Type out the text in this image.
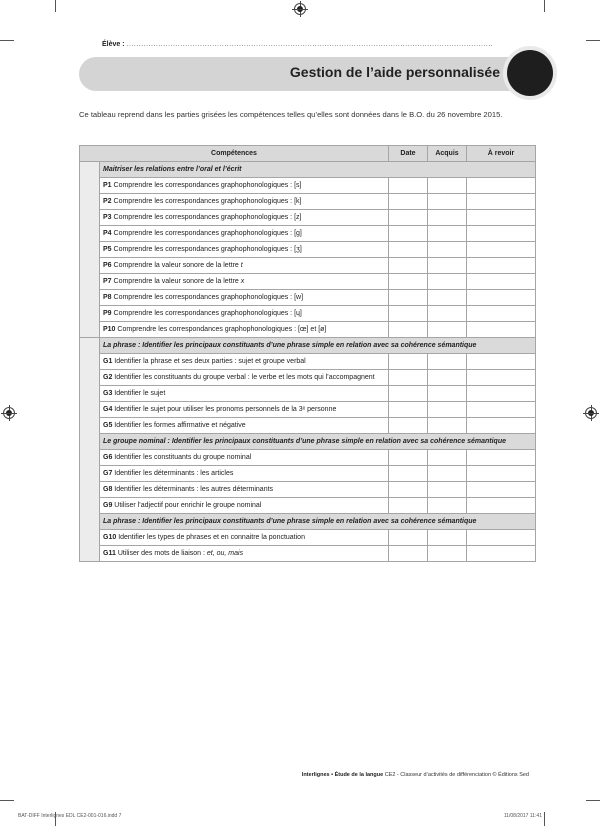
Élève : ......................................................................................................................................................
Gestion de l’aide personnalisée
Ce tableau reprend dans les parties grisées les compétences telles qu’elles sont données dans le B.O. du 26 novembre 2015.
Compétences		Date	Acquis	À revoir
	Maitriser les relations entre l’oral et l’écrit			
	P1 Comprendre les correspondances graphophonologiques : [s]			
	P2 Comprendre les correspondances graphophonologiques : [k]			
	P3 Comprendre les correspondances graphophonologiques : [z]			
	P4 Comprendre les correspondances graphophonologiques : [g]			
	P5 Comprendre les correspondances graphophonologiques : [ʒ]			
	P6 Comprendre la valeur sonore de la lettre t			
	P7 Comprendre la valeur sonore de la lettre x			
	P8 Comprendre les correspondances graphophonologiques : [w]			
	P9 Comprendre les correspondances graphophonologiques : [ɥ]			
	P10 Comprendre les correspondances graphophonologiques : [œ] et [ø]			
	La phrase : Identifier les principaux constituants d’une phrase simple en relation avec sa cohérence sémantique			
	G1 Identifier la phrase et ses deux parties : sujet et groupe verbal			
	G2 Identifier les constituants du groupe verbal : le verbe et les mots qui l’accompagnent			
	G3 Identifier le sujet			
	G4 Identifier le sujet pour utiliser les pronoms personnels de la 3ᵉ personne			
	G5 Identifier les formes affirmative et négative			
	Le groupe nominal : Identifier les principaux constituants d’une phrase simple en relation avec sa cohérence sémantique			
	G6 Identifier les constituants du groupe nominal			
	G7 Identifier les déterminants : les articles			
	G8 Identifier les déterminants : les autres déterminants			
	G9 Utiliser l’adjectif pour enrichir le groupe nominal			
	La phrase : Identifier les principaux constituants d’une phrase simple en relation avec sa cohérence sémantique			
	G10 Identifier les types de phrases et en connaitre la ponctuation			
	G11 Utiliser des mots de liaison : et, ou, mais			
Interlignes • Étude de la langue CE2 - Classeur d’activités de différenciation © Éditions Sed
BAT-DIFF Interlignes EDL CE2-001-016.indd 7	11/08/2017 11:41
